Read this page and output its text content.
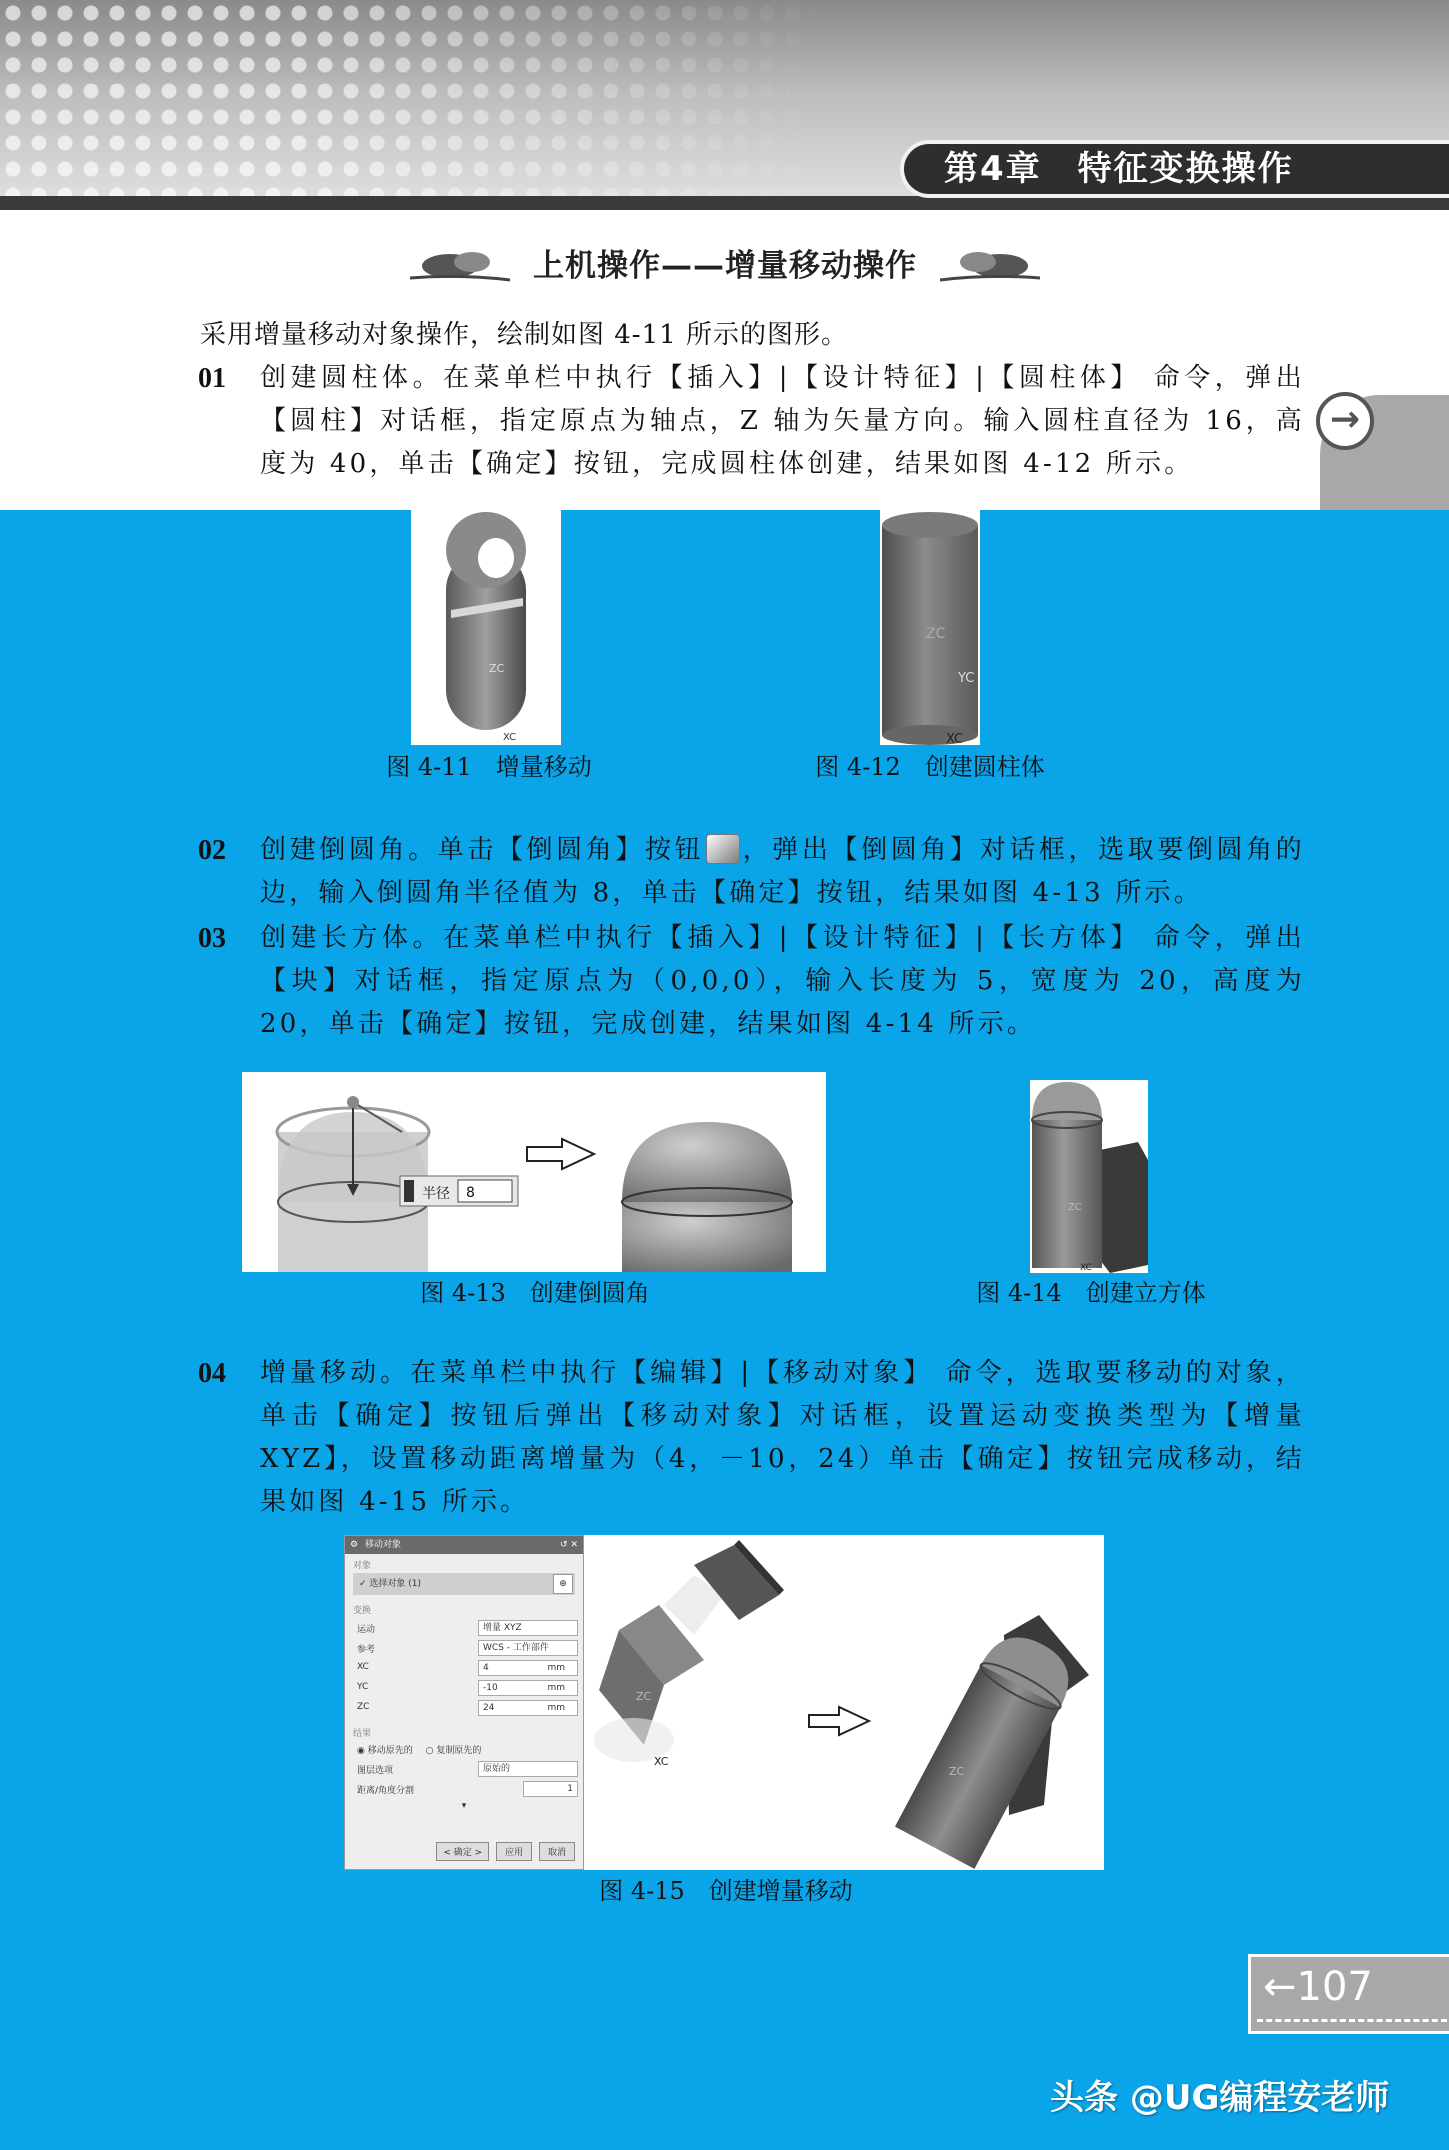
第4章　特征变换操作
→
上机操作——增量移动操作
采用增量移动对象操作，绘制如图 4-11 所示的图形。
01 创建圆柱体。在菜单栏中执行【插入】|【设计特征】|【圆柱体】 命令，弹出【圆柱】对话框，指定原点为轴点，Z 轴为矢量方向。输入圆柱直径为 16，高度为 40，单击【确定】按钮，完成圆柱体创建，结果如图 4-12 所示。
ZC
XC
图 4-11　增量移动
ZC
YC
XC
图 4-12　创建圆柱体
02 创建倒圆角。单击【倒圆角】按钮 ，弹出【倒圆角】对话框，选取要倒圆角的边，输入倒圆角半径值为 8，单击【确定】按钮，结果如图 4-13 所示。
03 创建长方体。在菜单栏中执行【插入】|【设计特征】|【长方体】 命令，弹出【块】对话框，指定原点为（0,0,0），输入长度为 5，宽度为 20，高度为 20，单击【确定】按钮，完成创建，结果如图 4-14 所示。
半径 8
图 4-13　创建倒圆角
ZC
XC
图 4-14　创建立方体
04 增量移动。在菜单栏中执行【编辑】|【移动对象】 命令，选取要移动的对象，单击【确定】按钮后弹出【移动对象】对话框，设置运动变换类型为【增量 XYZ】，设置移动距离增量为（4，－10，24）单击【确定】按钮完成移动，结果如图 4-15 所示。
⚙ 移动对象	↺ ✕
对象
✓ 选择对象 (1)	⊕
变换
运动	增量 XYZ
参考	WCS - 工作部件
XC	4	mm
YC	-10	mm
ZC	24	mm
结果
◉ 移动原先的 ○ 复制原先的
图层选项	原始的
距离/角度分割	1
▾
< 确定 >	应用	取消
ZC
XC
ZC
图 4-15　创建增量移动
←107
头条 @UG编程安老师
